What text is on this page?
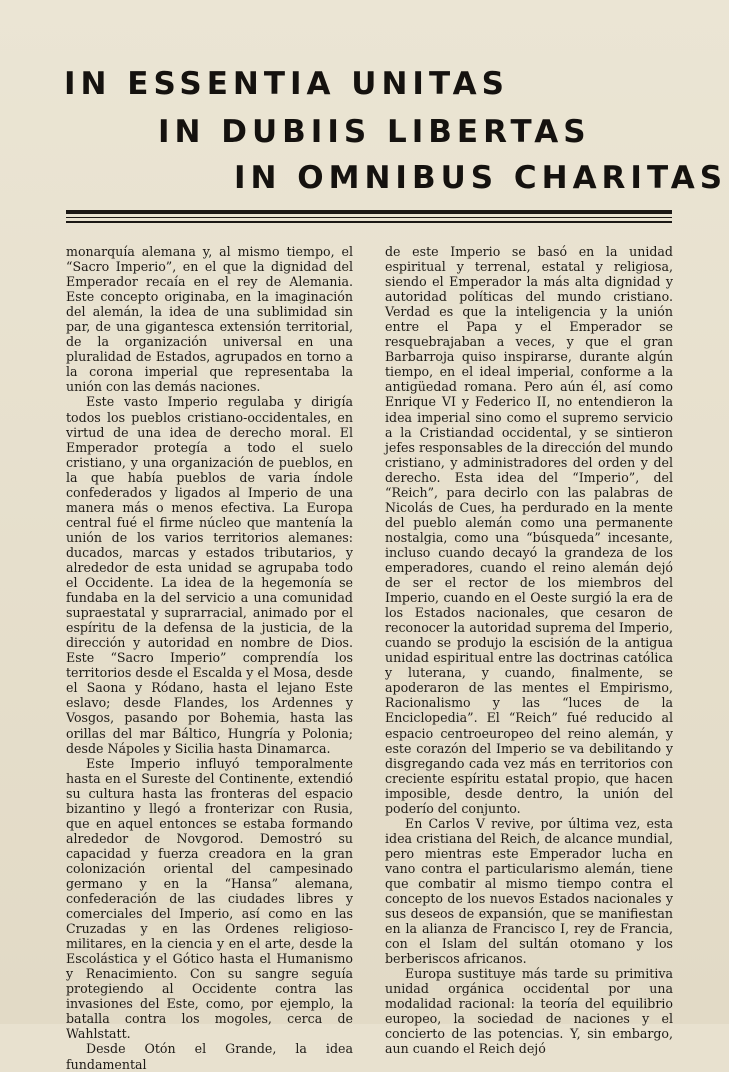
IN ESSENTIA UNITAS
IN DUBIIS LIBERTAS
IN OMNIBUS CHARITAS

monarquía alemana y, al mismo tiempo, el “Sacro Imperio”, en el que la dignidad del Emperador recaía en el rey de Alemania. Este concepto originaba, en la imaginación del alemán, la idea de una sublimidad sin par, de una gigantesca extensión territorial, de la organización universal en una pluralidad de Estados, agrupados en torno a la corona imperial que representaba la unión con las demás naciones.

Este vasto Imperio regulaba y dirigía todos los pueblos cristiano-occidentales, en virtud de una idea de derecho moral. El Emperador protegía a todo el suelo cristiano, y una organización de pueblos, en la que había pueblos de varia índole confederados y ligados al Imperio de una manera más o menos efectiva. La Europa central fué el firme núcleo que mantenía la unión de los varios territorios alemanes: ducados, marcas y estados tributarios, y alrededor de esta unidad se agrupaba todo el Occidente. La idea de la hegemonía se fundaba en la del servicio a una comunidad supraestatal y suprarracial, animado por el espíritu de la defensa de la justicia, de la dirección y autoridad en nombre de Dios. Este “Sacro Imperio” comprendía los territorios desde el Escalda y el Mosa, desde el Saona y Ródano, hasta el lejano Este eslavo; desde Flandes, los Ardennes y Vosgos, pasando por Bohemia, hasta las orillas del mar Báltico, Hungría y Polonia; desde Nápoles y Sicilia hasta Dinamarca.

Este Imperio influyó temporalmente hasta en el Sureste del Continente, extendió su cultura hasta las fronteras del espacio bizantino y llegó a fronterizar con Rusia, que en aquel entonces se estaba formando alrededor de Novgorod. Demostró su capacidad y fuerza creadora en la gran colonización oriental del campesinado germano y en la “Hansa” alemana, confederación de las ciudades libres y comerciales del Imperio, así como en las Cruzadas y en las Ordenes religioso-militares, en la ciencia y en el arte, desde la Escolástica y el Gótico hasta el Humanismo y Renacimiento. Con su sangre seguía protegiendo al Occidente contra las invasiones del Este, como, por ejemplo, la batalla contra los mogoles, cerca de Wahlstatt.

Desde Otón el Grande, la idea fundamental

de este Imperio se basó en la unidad espiritual y terrenal, estatal y religiosa, siendo el Emperador la más alta dignidad y autoridad políticas del mundo cristiano. Verdad es que la inteligencia y la unión entre el Papa y el Emperador se resquebrajaban a veces, y que el gran Barbarroja quiso inspirarse, durante algún tiempo, en el ideal imperial, conforme a la antigüedad romana. Pero aún él, así como Enrique VI y Federico II, no entendieron la idea imperial sino como el supremo servicio a la Cristiandad occidental, y se sintieron jefes responsables de la dirección del mundo cristiano, y administradores del orden y del derecho. Esta idea del “Imperio”, del “Reich”, para decirlo con las palabras de Nicolás de Cues, ha perdurado en la mente del pueblo alemán como una permanente nostalgia, como una “búsqueda” incesante, incluso cuando decayó la grandeza de los emperadores, cuando el reino alemán dejó de ser el rector de los miembros del Imperio, cuando en el Oeste surgió la era de los Estados nacionales, que cesaron de reconocer la autoridad suprema del Imperio, cuando se produjo la escisión de la antigua unidad espiritual entre las doctrinas católica y luterana, y cuando, finalmente, se apoderaron de las mentes el Empirismo, Racionalismo y las “luces de la Enciclopedia”. El “Reich” fué reducido al espacio centroeuropeo del reino alemán, y este corazón del Imperio se va debilitando y disgregando cada vez más en territorios con creciente espíritu estatal propio, que hacen imposible, desde dentro, la unión del poderío del conjunto.

En Carlos V revive, por última vez, esta idea cristiana del Reich, de alcance mundial, pero mientras este Emperador lucha en vano contra el particularismo alemán, tiene que combatir al mismo tiempo contra el concepto de los nuevos Estados nacionales y sus deseos de expansión, que se manifiestan en la alianza de Francisco I, rey de Francia, con el Islam del sultán otomano y los berberiscos africanos.

Europa sustituye más tarde su primitiva unidad orgánica occidental por una modalidad racional: la teoría del equilibrio europeo, la sociedad de naciones y el concierto de las potencias. Y, sin embargo, aun cuando el Reich dejó
